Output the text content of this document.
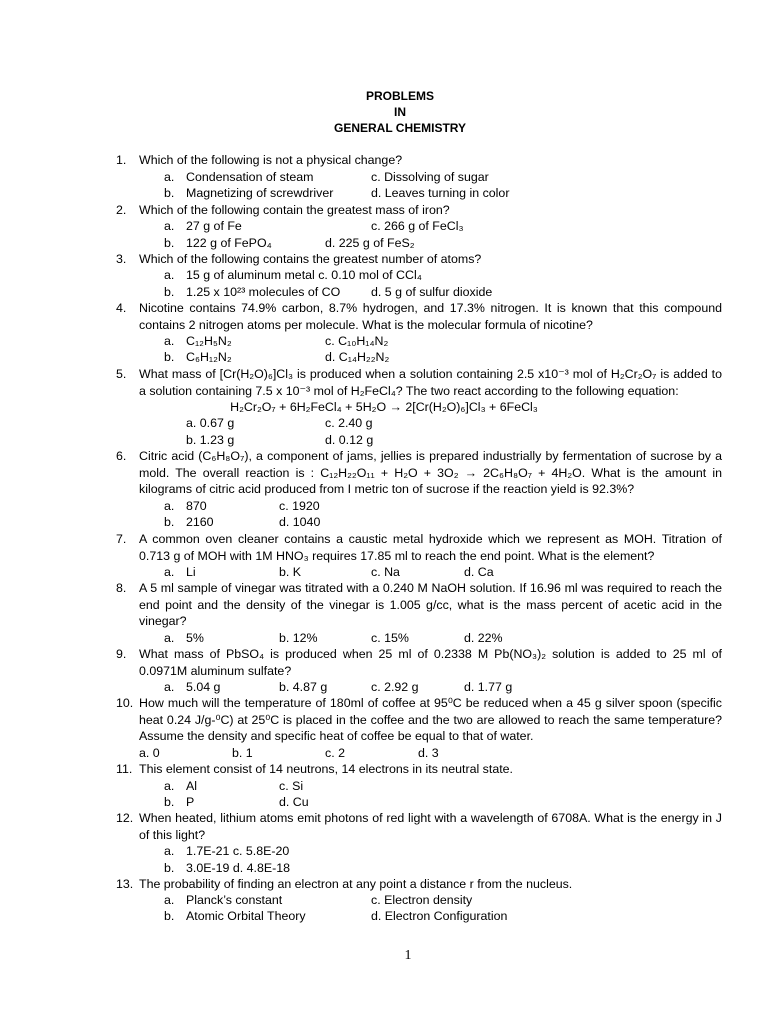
PROBLEMS
IN
GENERAL CHEMISTRY
1. Which of the following is not a physical change?
a. Condensation of steam	c. Dissolving of sugar
b. Magnetizing of screwdriver	d. Leaves turning in color
2. Which of the following contain the greatest mass of iron?
a. 27 g of Fe	c. 266 g of FeCl₃
b. 122 g of FePO₄	d. 225 g of FeS₂
3. Which of the following contains the greatest number of atoms?
a. 15 g of aluminum metal c. 0.10 mol of CCl₄
b. 1.25 x 10²³ molecules of CO d. 5 g of sulfur dioxide
4. Nicotine contains 74.9% carbon, 8.7% hydrogen, and 17.3% nitrogen. It is known that this compound contains 2 nitrogen atoms per molecule. What is the molecular formula of nicotine?
a. C₁₂H₅N₂	c. C₁₀H₁₄N₂
b. C₆H₁₂N₂	d. C₁₄H₂₂N₂
5. What mass of [Cr(H₂O)₆]Cl₃ is produced when a solution containing 2.5 x10⁻³ mol of H₂Cr₂O₇ is added to a solution containing 7.5 x 10⁻³ mol of H₂FeCl₄? The two react according to the following equation:
H₂Cr₂O₇ + 6H₂FeCl₄ + 5H₂O → 2[Cr(H₂O)₆]Cl₃ + 6FeCl₃
a. 0.67 g	c. 2.40 g
b. 1.23 g	d. 0.12 g
6. Citric acid (C₆H₈O₇), a component of jams, jellies is prepared industrially by fermentation of sucrose by a mold. The overall reaction is : C₁₂H₂₂O₁₁ + H₂O + 3O₂ → 2C₆H₈O₇ + 4H₂O. What is the amount in kilograms of citric acid produced from I metric ton of sucrose if the reaction yield is 92.3%?
a. 870	c. 1920
b. 2160	d. 1040
7. A common oven cleaner contains a caustic metal hydroxide which we represent as MOH. Titration of 0.713 g of MOH with 1M HNO₃ requires 17.85 ml to reach the end point. What is the element?
a. Li	b. K	c. Na	d. Ca
8. A 5 ml sample of vinegar was titrated with a 0.240 M NaOH solution. If 16.96 ml was required to reach the end point and the density of the vinegar is 1.005 g/cc, what is the mass percent of acetic acid in the vinegar?
a. 5%	b. 12%	c. 15%	d. 22%
9. What mass of PbSO₄ is produced when 25 ml of 0.2338 M Pb(NO₃)₂ solution is added to 25 ml of 0.0971M aluminum sulfate?
a. 5.04 g	b. 4.87 g	c. 2.92 g	d. 1.77 g
10. How much will the temperature of 180ml of coffee at 95⁰C be reduced when a 45 g silver spoon (specific heat 0.24 J/g-⁰C) at 25⁰C is placed in the coffee and the two are allowed to reach the same temperature? Assume the density and specific heat of coffee be equal to that of water.
a. 0	b. 1	c. 2	d. 3
11. This element consist of 14 neutrons, 14 electrons in its neutral state.
a. Al	c. Si
b. P	d. Cu
12. When heated, lithium atoms emit photons of red light with a wavelength of 6708A. What is the energy in J of this light?
a. 1.7E-21 c. 5.8E-20
b. 3.0E-19 d. 4.8E-18
13. The probability of finding an electron at any point a distance r from the nucleus.
a. Planck’s constant	c. Electron density
b. Atomic Orbital Theory	d. Electron Configuration
1
